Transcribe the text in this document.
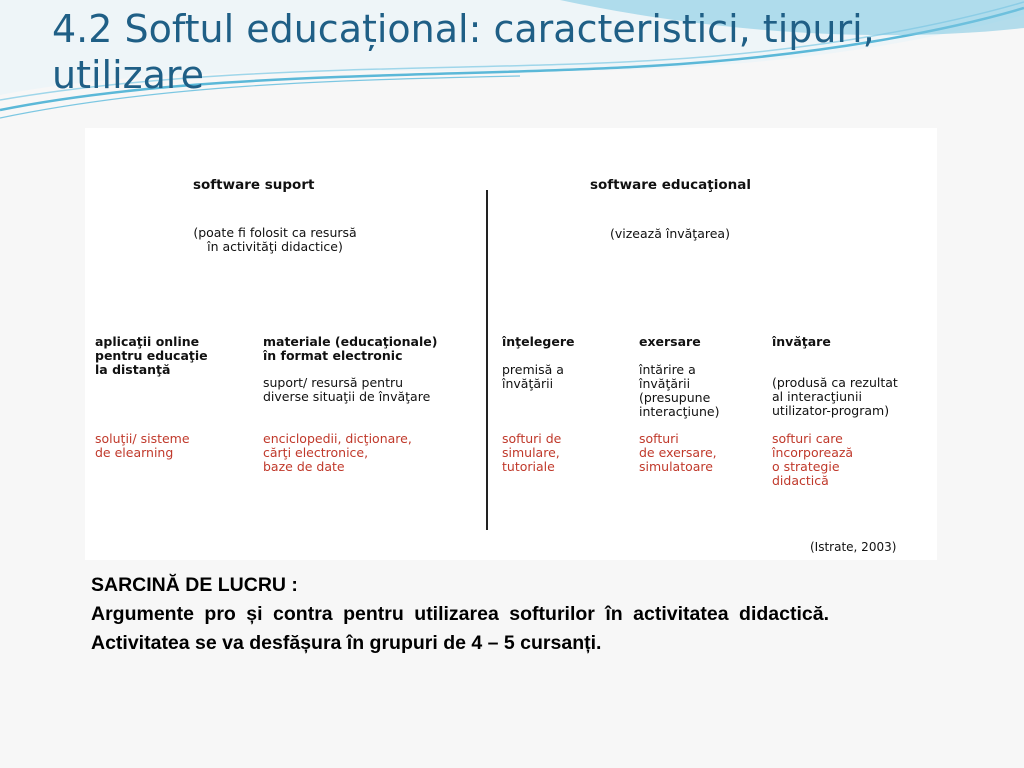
4.2 Softul educațional: caracteristici, tipuri,
utilizare
software suport
(poate fi folosit ca resursă
în activităţi didactice)
software educaţional
(vizează învăţarea)
aplicaţii online
pentru educaţie
la distanţă
soluţii/ sisteme
de elearning
materiale (educaţionale)
în format electronic
suport/ resursă pentru
diverse situaţii de învăţare
enciclopedii, dicţionare,
cărţi electronice,
baze de date
înţelegere
premisă a
învăţării
softuri de
simulare,
tutoriale
exersare
întărire a
învăţării
(presupune
interacţiune)
softuri
de exersare,
simulatoare
învăţare
(produsă ca rezultat
al interacţiunii
utilizator-program)
softuri care
încorporează
o strategie
didactică
(Istrate, 2003)
SARCINĂ DE LUCRU :

Argumente pro și contra pentru utilizarea softurilor în activitatea didactică. Activitatea se va desfășura în grupuri de 4 – 5 cursanți.
